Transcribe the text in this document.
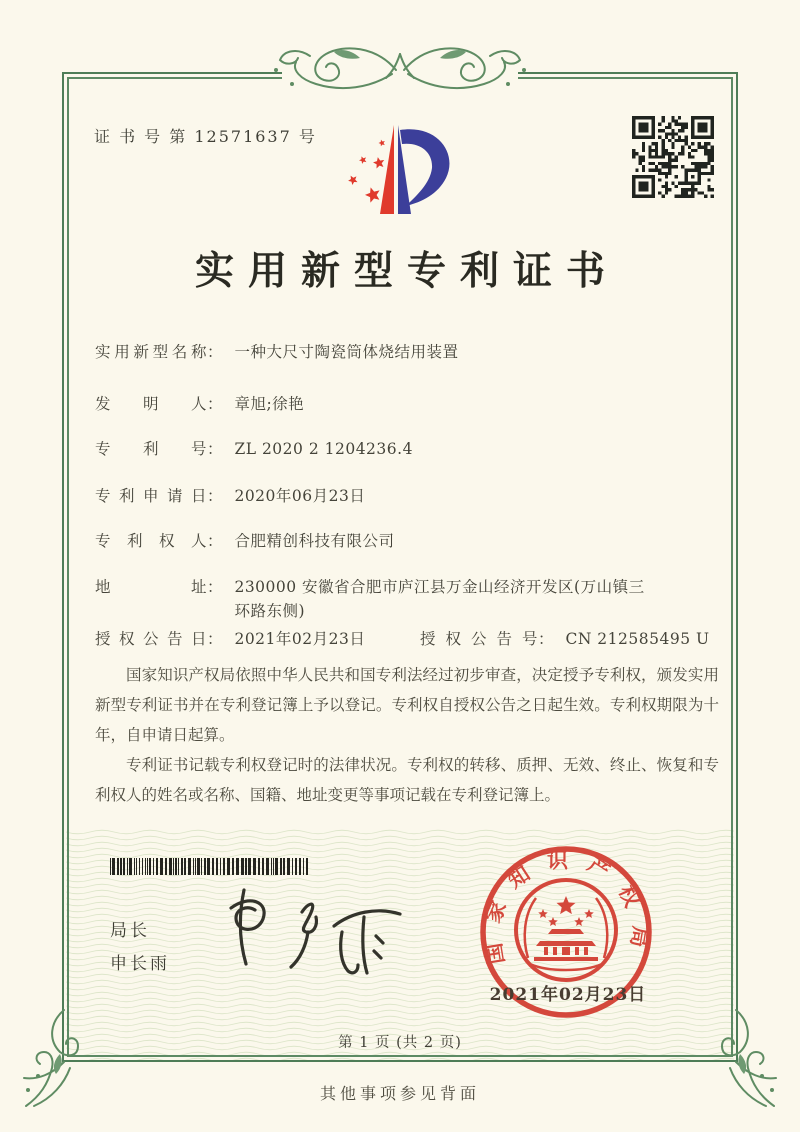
证 书 号 第 12571637 号
实用新型专利证书
实用新型名称 ： 一种大尺寸陶瓷筒体烧结用装置
发明人 ： 章旭;徐艳
专利号 ： ZL 2020 2 1204236.4
专利申请日 ： 2020年06月23日
专利权人 ： 合肥精创科技有限公司
地址 ： 230000 安徽省合肥市庐江县万金山经济开发区(万山镇三环路东侧)
授权公告日 ： 2021年02月23日	授权公告号 ： CN 212585495 U

国家知识产权局依照中华人民共和国专利法经过初步审查，决定授予专利权，颁发实用新型专利证书并在专利登记簿上予以登记。专利权自授权公告之日起生效。专利权期限为十年，自申请日起算。

专利证书记载专利权登记时的法律状况。专利权的转移、质押、无效、终止、恢复和专利权人的姓名或名称、国籍、地址变更等事项记载在专利登记簿上。

局长
申长雨	国家知识产权局
2021年02月23日
第 1 页 (共 2 页)
其他事项参见背面
